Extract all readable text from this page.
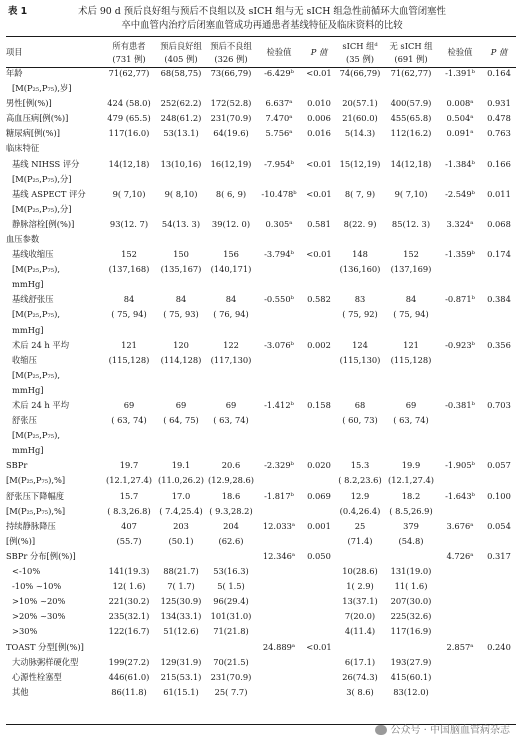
表 1	术后 90 d 预后良好组与预后不良组以及 sICH 组与无 sICH 组急性前循环大血管闭塞性
卒中血管内治疗后闭塞血管成功再通患者基线特征及临床资料的比较
项目	所有患者	预后良好组	预后不良组	检验值	P 值	sICH 组ᵈ	无 sICH 组	检验值	P 值
	(731 例)	(405 例)	(326 例)			(35 例)	(691 例)		
年龄	71(62,77)	68(58,75)	73(66,79)	-6.429ᵇ	<0.01	74(66,79)	71(62,77)	-1.391ᵇ	0.164
[M(P₂₅,P₇₅),岁]									
男性[例(%)]	424 (58.0)	252(62.2)	172(52.8)	6.637ᵃ	0.010	20(57.1)	400(57.9)	0.008ᵃ	0.931
高血压病[例(%)]	479 (65.5)	248(61.2)	231(70.9)	7.470ᵃ	0.006	21(60.0)	455(65.8)	0.504ᵃ	0.478
糖尿病[例(%)]	117(16.0)	53(13.1)	64(19.6)	5.756ᵃ	0.016	5(14.3)	112(16.2)	0.091ᵃ	0.763
临床特征									
基线 NIHSS 评分	14(12,18)	13(10,16)	16(12,19)	-7.954ᵇ	<0.01	15(12,19)	14(12,18)	-1.384ᵇ	0.166
[M(P₂₅,P₇₅),分]									
基线 ASPECT 评分	9( 7,10)	9( 8,10)	8( 6, 9)	-10.478ᵇ	<0.01	8( 7, 9)	9( 7,10)	-2.549ᵇ	0.011
[M(P₂₅,P₇₅),分]									
静脉溶栓[例(%)]	93(12. 7)	54(13. 3)	39(12. 0)	0.305ᵃ	0.581	8(22. 9)	85(12. 3)	3.324ᵃ	0.068
血压参数									
基线收缩压	152	150	156	-3.794ᵇ	<0.01	148	152	-1.359ᵇ	0.174
[M(P₂₅,P₇₅),	(137,168)	(135,167)	(140,171)			(136,160)	(137,169)		
mmHg]									
基线舒张压	84	84	84	-0.550ᵇ	0.582	83	84	-0.871ᵇ	0.384
[M(P₂₅,P₇₅),	( 75, 94)	( 75, 93)	( 76, 94)			( 75, 92)	( 75, 94)		
mmHg]									
术后 24 h 平均	121	120	122	-3.076ᵇ	0.002	124	121	-0.923ᵇ	0.356
收缩压	(115,128)	(114,128)	(117,130)			(115,130)	(115,128)		
[M(P₂₅,P₇₅),									
mmHg]									
术后 24 h 平均	69	69	69	-1.412ᵇ	0.158	68	69	-0.381ᵇ	0.703
舒张压	( 63, 74)	( 64, 75)	( 63, 74)			( 60, 73)	( 63, 74)		
[M(P₂₅,P₇₅),									
mmHg]									
SBPr	19.7	19.1	20.6	-2.329ᵇ	0.020	15.3	19.9	-1.905ᵇ	0.057
[M(P₂₅,P₇₅),%]	(12.1,27.4)	(11.0,26.2)	(12.9,28.6)			( 8.2,23.6)	(12.1,27.4)		
舒张压下降幅度	15.7	17.0	18.6	-1.817ᵇ	0.069	12.9	18.2	-1.643ᵇ	0.100
[M(P₂₅,P₇₅),%]	( 8.3,26.8)	( 7.4,25.4)	( 9.3,28.2)			(0.4,26.4)	( 8.5,26.9)		
持续静脉降压	407	203	204	12.033ᵃ	0.001	25	379	3.676ᵃ	0.054
[例(%)]	(55.7)	(50.1)	(62.6)			(71.4)	(54.8)		
SBPr 分布[例(%)]				12.346ᵃ	0.050			4.726ᵃ	0.317
<-10%	141(19.3)	88(21.7)	53(16.3)			10(28.6)	131(19.0)		
-10% ~10%	12( 1.6)	7( 1.7)	5( 1.5)			1( 2.9)	11( 1.6)		
>10% ~20%	221(30.2)	125(30.9)	96(29.4)			13(37.1)	207(30.0)		
>20% ~30%	235(32.1)	134(33.1)	101(31.0)			7(20.0)	225(32.6)		
>30%	122(16.7)	51(12.6)	71(21.8)			4(11.4)	117(16.9)		
TOAST 分型[例(%)]				24.889ᵃ	<0.01			2.857ᵃ	0.240
大动脉粥样硬化型	199(27.2)	129(31.9)	70(21.5)			6(17.1)	193(27.9)		
心源性栓塞型	446(61.0)	215(53.1)	231(70.9)			26(74.3)	415(60.1)		
其他	86(11.8)	61(15.1)	25( 7.7)			3( 8.6)	83(12.0)		
公众号 · 中国脑血管病杂志
